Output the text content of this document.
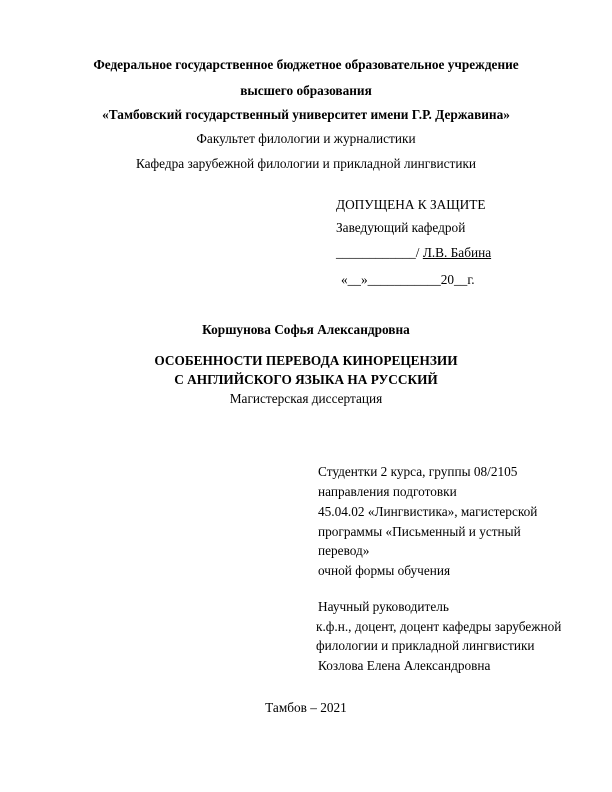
Федеральное государственное бюджетное образовательное учреждение
высшего образования
«Тамбовский государственный университет имени Г.Р. Державина»
Факультет филологии и журналистики
Кафедра зарубежной филологии и прикладной лингвистики
ДОПУЩЕНА К ЗАЩИТЕ
Заведующий кафедрой
____________/ Л.В. Бабина
«__»___________20__г.
Коршунова Софья Александровна
ОСОБЕННОСТИ ПЕРЕВОДА КИНОРЕЦЕНЗИИ
С АНГЛИЙСКОГО ЯЗЫКА НА РУССКИЙ
Магистерская диссертация
Студентки 2 курса, группы 08/2105
направления подготовки
45.04.02 «Лингвистика», магистерской
программы «Письменный и устный
перевод»
очной формы обучения
Научный руководитель
к.ф.н., доцент, доцент кафедры зарубежной
филологии и прикладной лингвистики
Козлова Елена Александровна
Тамбов – 2021
